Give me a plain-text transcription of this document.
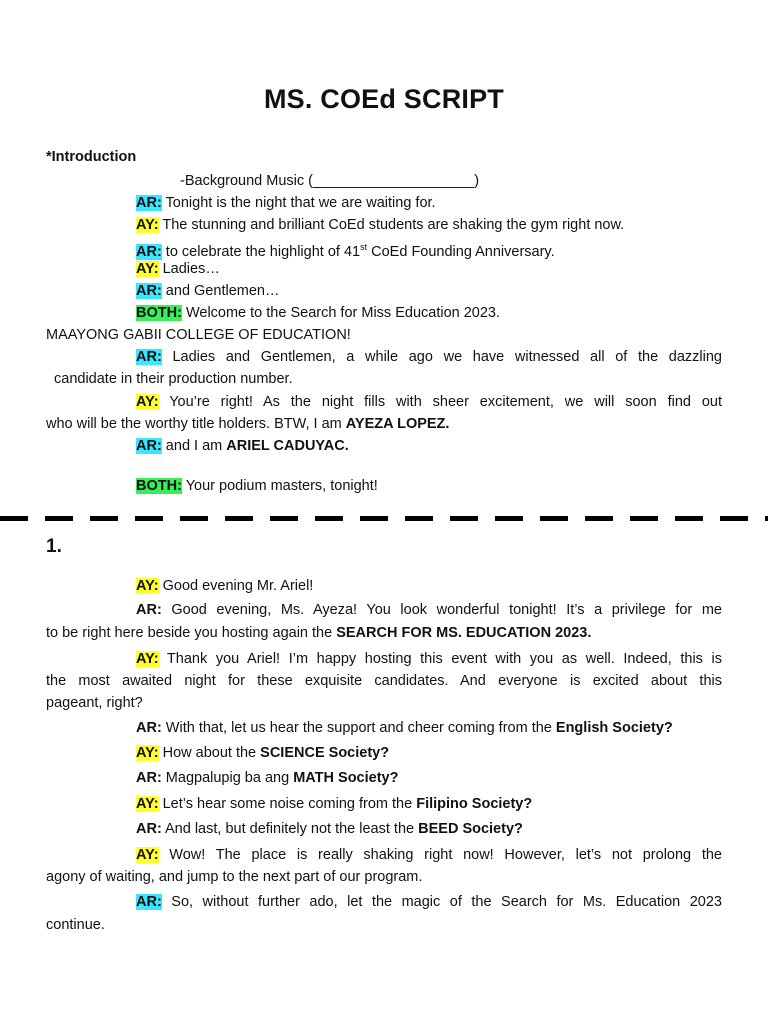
MS. COEd SCRIPT
*Introduction
-Background Music (____________________)
AR: Tonight is the night that we are waiting for.
AY: The stunning and brilliant CoEd students are shaking the gym right now.
AR: to celebrate the highlight of 41st CoEd Founding Anniversary.
AY: Ladies…
AR: and Gentlemen…
BOTH: Welcome to the Search for Miss Education 2023.
MAAYONG GABII COLLEGE OF EDUCATION!
AR: Ladies and Gentlemen, a while ago we have witnessed all of the dazzling
candidate in their production number.
AY: You’re right! As the night fills with sheer excitement, we will soon find out
who will be the worthy title holders. BTW, I am AYEZA LOPEZ.
AR: and I am ARIEL CADUYAC.
BOTH: Your podium masters, tonight!
1.
AY: Good evening Mr. Ariel!
AR: Good evening, Ms. Ayeza! You look wonderful tonight! It’s a privilege for me
to be right here beside you hosting again the SEARCH FOR MS. EDUCATION 2023.
AY: Thank you Ariel! I’m happy hosting this event with you as well. Indeed, this is
the most awaited night for these exquisite candidates. And everyone is excited about this
pageant, right?
AR: With that, let us hear the support and cheer coming from the English Society?
AY: How about the SCIENCE Society?
AR: Magpalupig ba ang MATH Society?
AY: Let’s hear some noise coming from the Filipino Society?
AR: And last, but definitely not the least the BEED Society?
AY: Wow! The place is really shaking right now! However, let’s not prolong the
agony of waiting, and jump to the next part of our program.
AR: So, without further ado, let the magic of the Search for Ms. Education 2023
continue.
